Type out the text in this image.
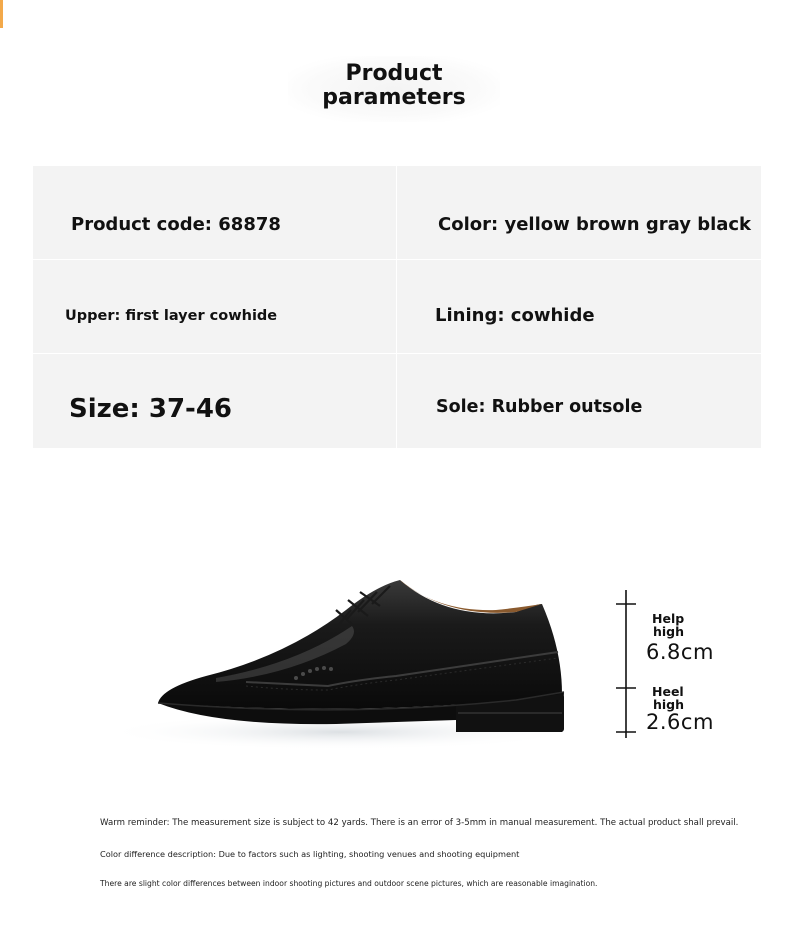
Product
parameters
Product code: 68878	Color: yellow brown gray black
Upper: first layer cowhide	Lining: cowhide
Size: 37-46	Sole: Rubber outsole
Help
high
6.8cm
Heel
high
2.6cm
Warm reminder: The measurement size is subject to 42 yards. There is an error of 3-5mm in manual measurement. The actual product shall prevail.
Color difference description: Due to factors such as lighting, shooting venues and shooting equipment
There are slight color differences between indoor shooting pictures and outdoor scene pictures, which are reasonable imagination.
